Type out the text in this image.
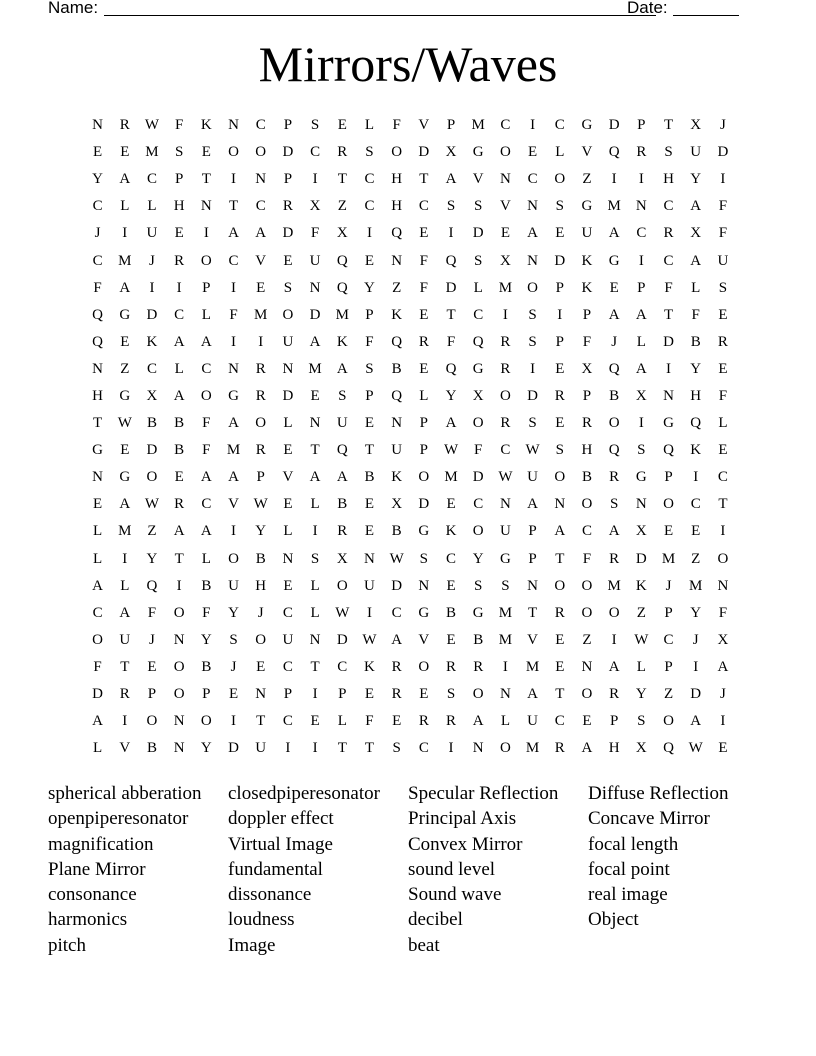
Name:	Date:
Mirrors/Waves
N	R	W	F	K	N	C	P	S	E	L	F	V	P	M	C	I	C	G	D	P	T	X	J
E	E	M	S	E	O	O	D	C	R	S	O	D	X	G	O	E	L	V	Q	R	S	U	D
Y	A	C	P	T	I	N	P	I	T	C	H	T	A	V	N	C	O	Z	I	I	H	Y	I
C	L	L	H	N	T	C	R	X	Z	C	H	C	S	S	V	N	S	G	M	N	C	A	F
J	I	U	E	I	A	A	D	F	X	I	Q	E	I	D	E	A	E	U	A	C	R	X	F
C	M	J	R	O	C	V	E	U	Q	E	N	F	Q	S	X	N	D	K	G	I	C	A	U
F	A	I	I	P	I	E	S	N	Q	Y	Z	F	D	L	M	O	P	K	E	P	F	L	S
Q	G	D	C	L	F	M	O	D	M	P	K	E	T	C	I	S	I	P	A	A	T	F	E
Q	E	K	A	A	I	I	U	A	K	F	Q	R	F	Q	R	S	P	F	J	L	D	B	R
N	Z	C	L	C	N	R	N	M	A	S	B	E	Q	G	R	I	E	X	Q	A	I	Y	E
H	G	X	A	O	G	R	D	E	S	P	Q	L	Y	X	O	D	R	P	B	X	N	H	F
T	W	B	B	F	A	O	L	N	U	E	N	P	A	O	R	S	E	R	O	I	G	Q	L
G	E	D	B	F	M	R	E	T	Q	T	U	P	W	F	C	W	S	H	Q	S	Q	K	E
N	G	O	E	A	A	P	V	A	A	B	K	O	M	D W U	O	B	R	G	P	I	C
E	A W	R	C	V W	E	L	B	E	X	D	E	C	N	A	N	O	S	N	O	C	T
L	M	Z	A	A	I	Y	L	I	R	E	B	G	K	O	U	P	A	C	A	X	E	E	I
L	I	Y	T	L	O	B	N	S	X	N W	S	C	Y	G	P	T	F	R	D	M	Z	O
A	L	Q	I	B	U	H	E	L	O	U	D	N	E	S	S	N	O	O	M	K	J	M	N
C	A	F	O	F	Y	J	C	L	W	I	C	G	B	G	M	T	R	O	O	Z	P	Y	F
O	U	J	N	Y	S	O	U	N	D W A	V	E	B	M	V	E	Z	I	W	C	J	X
F	T	E	O	B	J	E	C	T	C	K	R	O	R	R	I	M	E	N	A	L	P	I	A
D	R	P	O	P	E	N	P	I	P	E	R	E	S	O	N	A	T	O	R	Y	Z	D	J
A	I	O	N	O	I	T	C	E	L	F	E	R	R	A	L	U	C	E	P	S	O	A	I
L	V	B	N	Y	D	U	I	I	T	T	S	C	I	N	O	M	R	A	H	X	Q W	E
spherical abberation	closedpiperesonator	Specular Reflection	Diffuse Reflection
openpiperesonator	doppler effect	Principal Axis	Concave Mirror
magnification	Virtual Image	Convex Mirror	focal length
Plane Mirror	fundamental	sound level	focal point
consonance	dissonance	Sound wave	real image
harmonics	loudness	decibel	Object
pitch	Image	beat
